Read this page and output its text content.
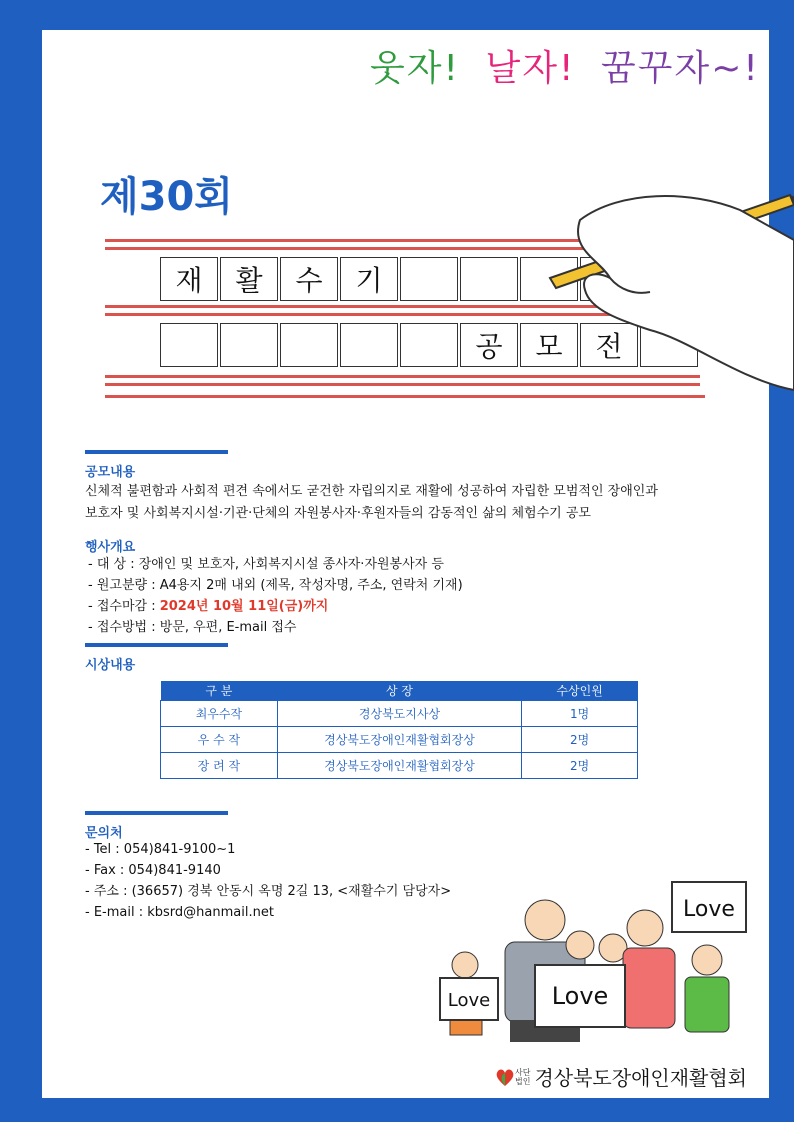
웃자! 날자! 꿈꾸자~!
제30회
재	활	수	기
공	모	전
공모내용
신체적 불편함과 사회적 편견 속에서도 굳건한 자립의지로 재활에 성공하여 자립한 모범적인 장애인과
보호자 및 사회복지시설·기관·단체의 자원봉사자·후원자들의 감동적인 삶의 체험수기 공모
행사개요
- 대 상 : 장애인 및 보호자, 사회복지시설 종사자·자원봉사자 등
- 원고분량 : A4용지 2매 내외 (제목, 작성자명, 주소, 연락처 기재)
- 접수마감 : 2024년 10월 11일(금)까지
- 접수방법 : 방문, 우편, E-mail 접수
시상내용
구 분	상 장	수상인원
최우수작	경상북도지사상	1명
우 수 작	경상북도장애인재활협회장상	2명
장 려 작	경상북도장애인재활협회장상	2명
문의처
- Tel : 054)841-9100~1
- Fax : 054)841-9140
- 주소 : (36657) 경북 안동시 옥명 2길 13, <재활수기 담당자>
- E-mail : kbsrd@hanmail.net
Love	Love
Love
사단
법인 경상북도장애인재활협회
